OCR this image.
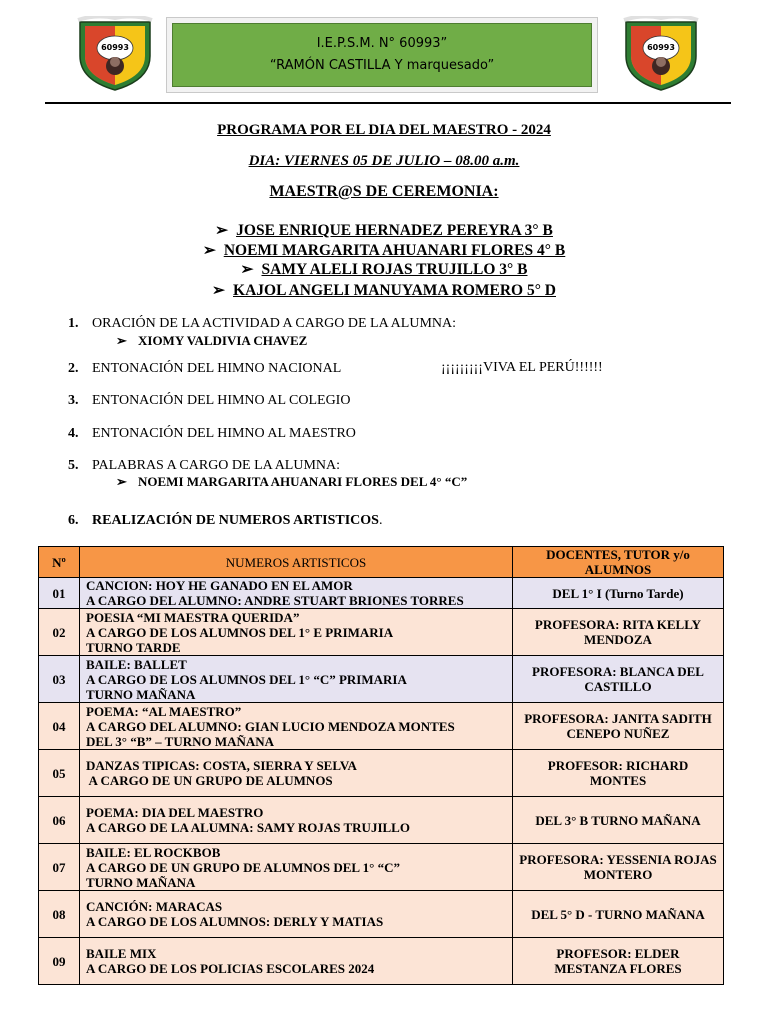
60993	60993
I.E.P.S.M. N° 60993”
“RAMÓN CASTILLA Y marquesado”
PROGRAMA POR EL DIA DEL MAESTRO - 2024
DIA: VIERNES 05 DE JULIO – 08.00 a.m.
MAESTR@S DE CEREMONIA:
➢ JOSE ENRIQUE HERNADEZ PEREYRA 3° B
➢ NOEMI MARGARITA AHUANARI FLORES 4° B
➢ SAMY ALELI ROJAS TRUJILLO 3° B
➢ KAJOL ANGELI MANUYAMA ROMERO 5° D
1. ORACIÓN DE LA ACTIVIDAD A CARGO DE LA ALUMNA:
➢ XIOMY VALDIVIA CHAVEZ
2. ENTONACIÓN DEL HIMNO NACIONAL	¡¡¡¡¡¡¡¡¡VIVA EL PERÚ!!!!!!
3. ENTONACIÓN DEL HIMNO AL COLEGIO
4. ENTONACIÓN DEL HIMNO AL MAESTRO
5. PALABRAS A CARGO DE LA ALUMNA:
➢ NOEMI MARGARITA AHUANARI FLORES DEL 4° “C”
6. REALIZACIÓN DE NUMEROS ARTISTICOS.
Nº	NUMEROS ARTISTICOS	DOCENTES, TUTOR y/o ALUMNOS
01	CANCION: HOY HE GANADO EN EL AMOR
A CARGO DEL ALUMNO: ANDRE STUART BRIONES TORRES	DEL 1° I (Turno Tarde)
02	POESIA “MI MAESTRA QUERIDA”
A CARGO DE LOS ALUMNOS DEL 1° E PRIMARIA
TURNO TARDE	PROFESORA: RITA KELLY MENDOZA
03	BAILE: BALLET
A CARGO DE LOS ALUMNOS DEL 1° “C” PRIMARIA
TURNO MAÑANA	PROFESORA: BLANCA DEL CASTILLO
04	POEMA: “AL MAESTRO”
A CARGO DEL ALUMNO: GIAN LUCIO MENDOZA MONTES
DEL 3° “B” – TURNO MAÑANA	PROFESORA: JANITA SADITH CENEPO NUÑEZ
05	DANZAS TIPICAS: COSTA, SIERRA Y SELVA
A CARGO DE UN GRUPO DE ALUMNOS	PROFESOR: RICHARD MONTES
06	POEMA: DIA DEL MAESTRO
A CARGO DE LA ALUMNA: SAMY ROJAS TRUJILLO	DEL 3° B TURNO MAÑANA
07	BAILE: EL ROCKBOB
A CARGO DE UN GRUPO DE ALUMNOS DEL 1° “C”
TURNO MAÑANA	PROFESORA: YESSENIA ROJAS MONTERO
08	CANCIÓN: MARACAS
A CARGO DE LOS ALUMNOS: DERLY Y MATIAS	DEL 5° D - TURNO MAÑANA
09	BAILE MIX
A CARGO DE LOS POLICIAS ESCOLARES 2024	PROFESOR: ELDER MESTANZA FLORES
